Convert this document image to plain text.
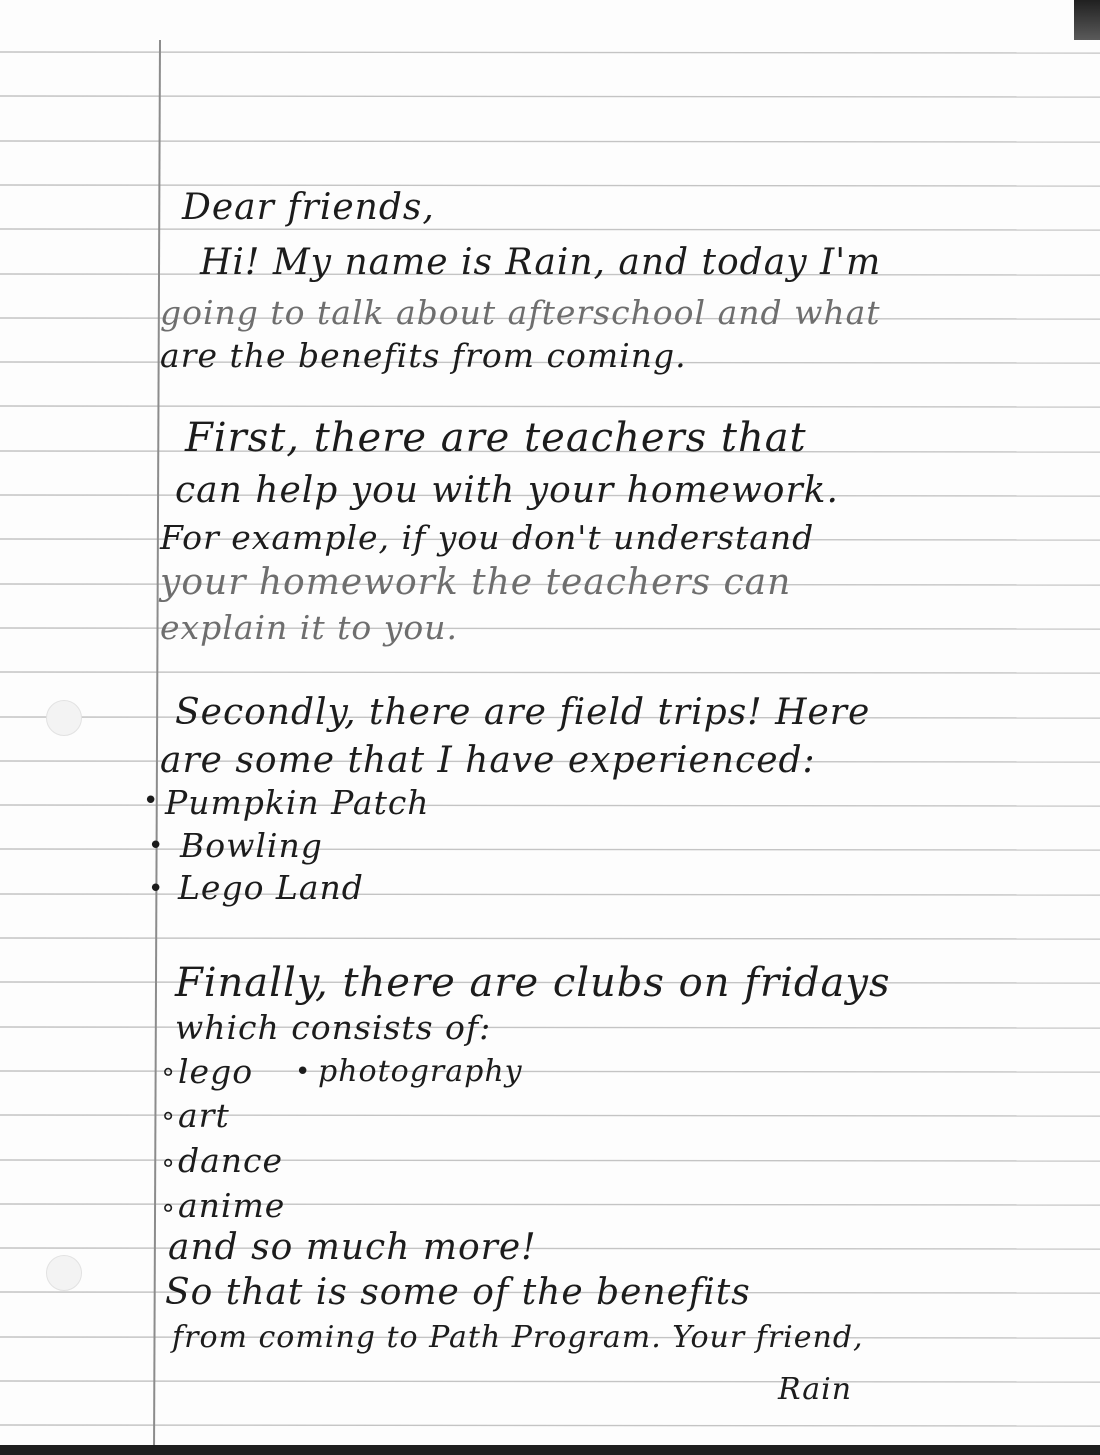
Dear friends,
Hi! My name is Rain, and today I'm
going to talk about afterschool and what
are the benefits from coming.
First, there are teachers that
can help you with your homework.
For example, if you don't understand
your homework the teachers can
explain it to you.
Secondly, there are field trips! Here
are some that I have experienced:
• Pumpkin Patch
• Bowling
• Lego Land
Finally, there are clubs on fridays
which consists of:
∘ lego • photography
∘ art
∘ dance
∘ anime
and so much more!
So that is some of the benefits
from coming to Path Program. Your friend,
Rain
